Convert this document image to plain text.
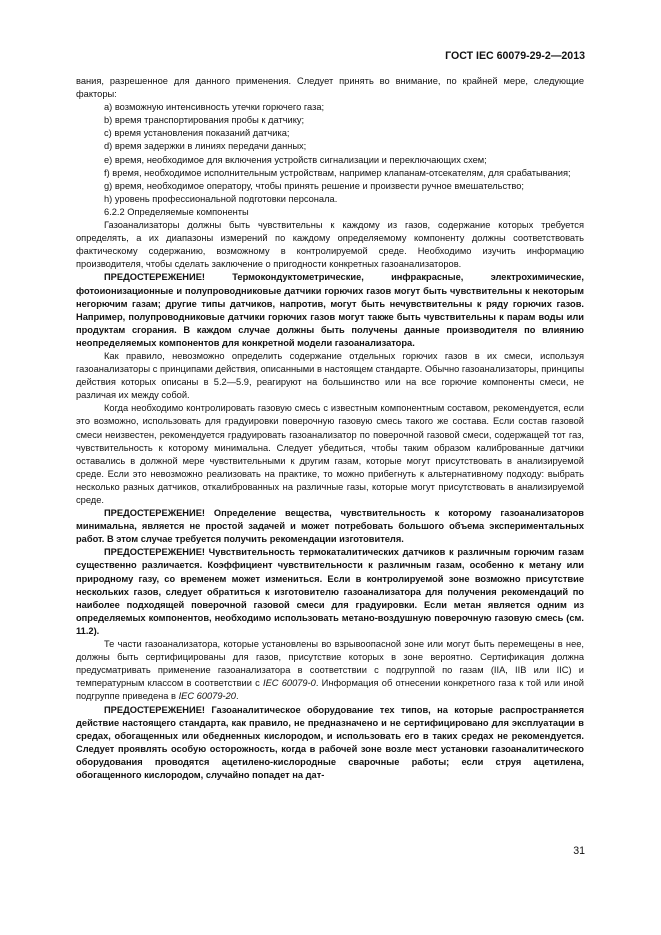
ГОСТ IEC 60079-29-2—2013

вания, разрешенное для данного применения. Следует принять во внимание, по крайней мере, следующие факторы:

a) возможную интенсивность утечки горючего газа;

b) время транспортирования пробы к датчику;

c) время установления показаний датчика;

d) время задержки в линиях передачи данных;

e) время, необходимое для включения устройств сигнализации и переключающих схем;

f) время, необходимое исполнительным устройствам, например клапанам-отсекателям, для срабатывания;

g) время, необходимое оператору, чтобы принять решение и произвести ручное вмешательство;

h) уровень профессиональной подготовки персонала.

6.2.2 Определяемые компоненты

Газоанализаторы должны быть чувствительны к каждому из газов, содержание которых требуется определять, а их диапазоны измерений по каждому определяемому компоненту должны соответствовать фактическому содержанию, возможному в контролируемой среде. Необходимо изучить информацию производителя, чтобы сделать заключение о пригодности конкретных газоанализаторов.

ПРЕДОСТЕРЕЖЕНИЕ! Термокондуктометрические, инфракрасные, электрохимические, фотоионизационные и полупроводниковые датчики горючих газов могут быть чувствительны к некоторым негорючим газам; другие типы датчиков, напротив, могут быть нечувствительны к ряду горючих газов. Например, полупроводниковые датчики горючих газов могут также быть чувствительны к парам воды или продуктам сгорания. В каждом случае должны быть получены данные производителя по влиянию неопределяемых компонентов для конкретной модели газоанализатора.

Как правило, невозможно определить содержание отдельных горючих газов в их смеси, используя газоанализаторы с принципами действия, описанными в настоящем стандарте. Обычно газоанализаторы, принципы действия которых описаны в 5.2—5.9, реагируют на большинство или на все горючие компоненты смеси, не различая их между собой.

Когда необходимо контролировать газовую смесь с известным компонентным составом, рекомендуется, если это возможно, использовать для градуировки поверочную газовую смесь такого же состава. Если состав газовой смеси неизвестен, рекомендуется градуировать газоанализатор по поверочной газовой смеси, содержащей тот газ, чувствительность к которому минимальна. Следует убедиться, чтобы таким образом калиброванные датчики оставались в должной мере чувствительными к другим газам, которые могут присутствовать в анализируемой среде. Если это невозможно реализовать на практике, то можно прибегнуть к альтернативному подходу: выбрать несколько разных датчиков, откалиброванных на различные газы, которые могут присутствовать в анализируемой среде.

ПРЕДОСТЕРЕЖЕНИЕ! Определение вещества, чувствительность к которому газоанализаторов минимальна, является не простой задачей и может потребовать большого объема экспериментальных работ. В этом случае требуется получить рекомендации изготовителя.

ПРЕДОСТЕРЕЖЕНИЕ! Чувствительность термокаталитических датчиков к различным горючим газам существенно различается. Коэффициент чувствительности к различным газам, особенно к метану или природному газу, со временем может измениться. Если в контролируемой зоне возможно присутствие нескольких газов, следует обратиться к изготовителю газоанализатора для получения рекомендаций по наиболее подходящей поверочной газовой смеси для градуировки. Если метан является одним из определяемых компонентов, необходимо использовать метано-воздушную поверочную газовую смесь (см. 11.2).

Те части газоанализатора, которые установлены во взрывоопасной зоне или могут быть перемещены в нее, должны быть сертифицированы для газов, присутствие которых в зоне вероятно. Сертификация должна предусматривать применение газоанализатора в соответствии с подгруппой по газам (IIA, IIB или IIC) и температурным классом в соответствии с IEC 60079-0. Информация об отнесении конкретного газа к той или иной подгруппе приведена в IEC 60079-20.

ПРЕДОСТЕРЕЖЕНИЕ! Газоаналитическое оборудование тех типов, на которые распространяется действие настоящего стандарта, как правило, не предназначено и не сертифицировано для эксплуатации в средах, обогащенных или обедненных кислородом, и использовать его в таких средах не рекомендуется. Следует проявлять особую осторожность, когда в рабочей зоне возле мест установки газоаналитического оборудования проводятся ацетилено-кислородные сварочные работы; если струя ацетилена, обогащенного кислородом, случайно попадет на дат-

31
